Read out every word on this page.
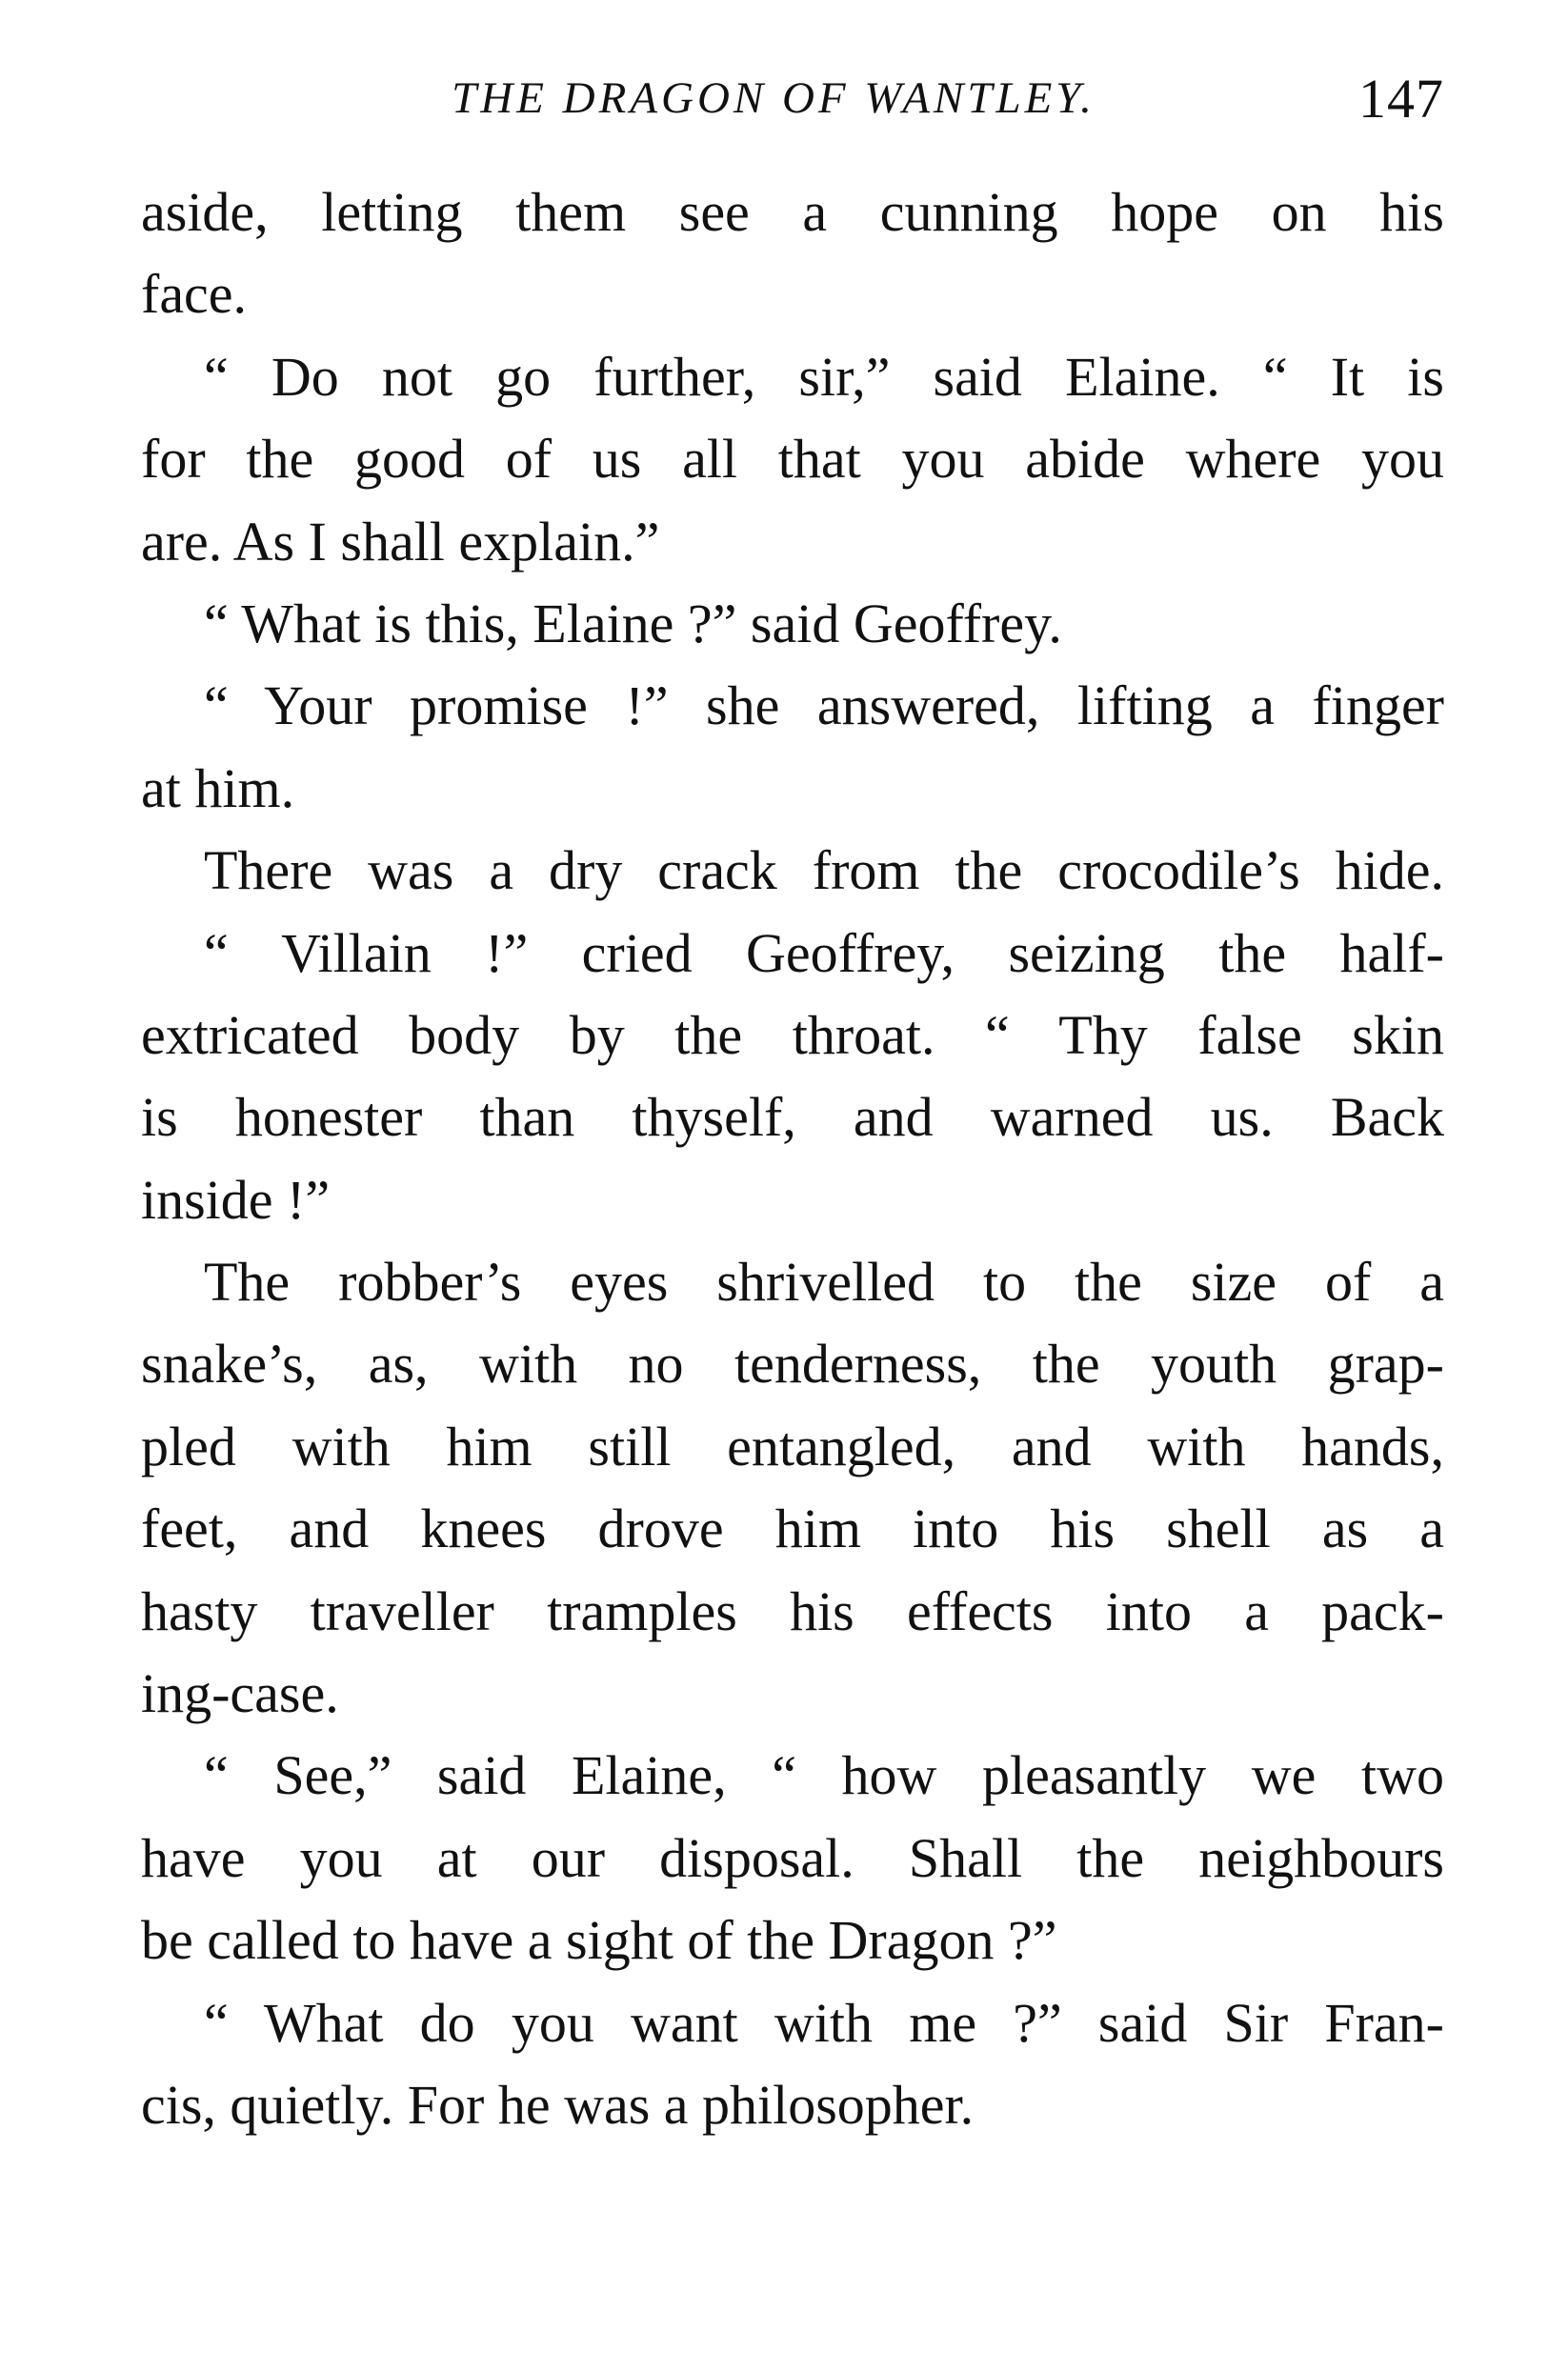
THE DRAGON OF WANTLEY.	147
aside, letting them see a cunning hope on his
face.
“ Do not go further, sir,” said Elaine. “ It is
for the good of us all that you abide where you
are. As I shall explain.”
“ What is this, Elaine ?” said Geoffrey.
“ Your promise !” she answered, lifting a finger
at him.
There was a dry crack from the crocodile’s hide.
“ Villain !” cried Geoffrey, seizing the half-
extricated body by the throat. “ Thy false skin
is honester than thyself, and warned us. Back
inside !”
The robber’s eyes shrivelled to the size of a
snake’s, as, with no tenderness, the youth grap-
pled with him still entangled, and with hands,
feet, and knees drove him into his shell as a
hasty traveller tramples his effects into a pack-
ing-case.
“ See,” said Elaine, “ how pleasantly we two
have you at our disposal. Shall the neighbours
be called to have a sight of the Dragon ?”
“ What do you want with me ?” said Sir Fran-
cis, quietly. For he was a philosopher.
